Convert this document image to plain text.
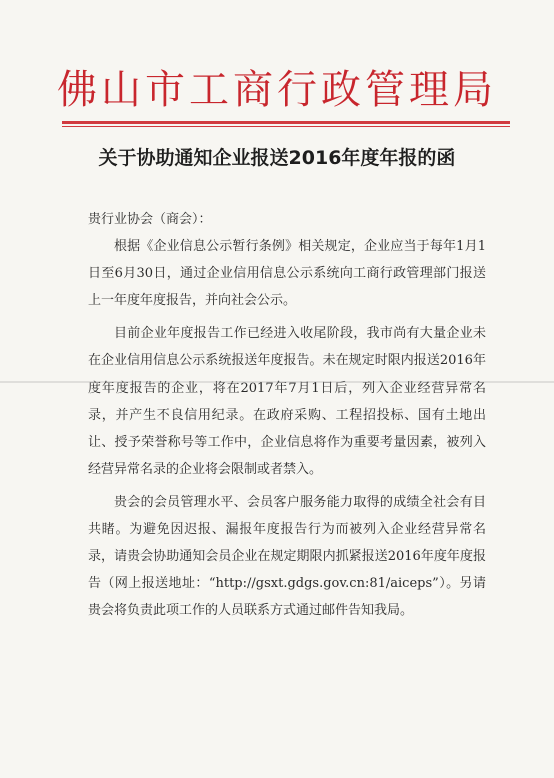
佛山市工商行政管理局
关于协助通知企业报送2016年度年报的函

贵行业协会（商会）：

根据《企业信息公示暂行条例》相关规定，企业应当于每年1月1日至6月30日，通过企业信用信息公示系统向工商行政管理部门报送上一年度年度报告，并向社会公示。

目前企业年度报告工作已经进入收尾阶段，我市尚有大量企业未在企业信用信息公示系统报送年度报告。未在规定时限内报送2016年度年度报告的企业，将在2017年7月1日后，列入企业经营异常名录，并产生不良信用纪录。在政府采购、工程招投标、国有土地出让、授予荣誉称号等工作中，企业信息将作为重要考量因素，被列入经营异常名录的企业将会限制或者禁入。

贵会的会员管理水平、会员客户服务能力取得的成绩全社会有目共睹。为避免因迟报、漏报年度报告行为而被列入企业经营异常名录，请贵会协助通知会员企业在规定期限内抓紧报送2016年度年度报告（网上报送地址：“http://gsxt.gdgs.gov.cn:81/aiceps”）。另请贵会将负责此项工作的人员联系方式通过邮件告知我局。
